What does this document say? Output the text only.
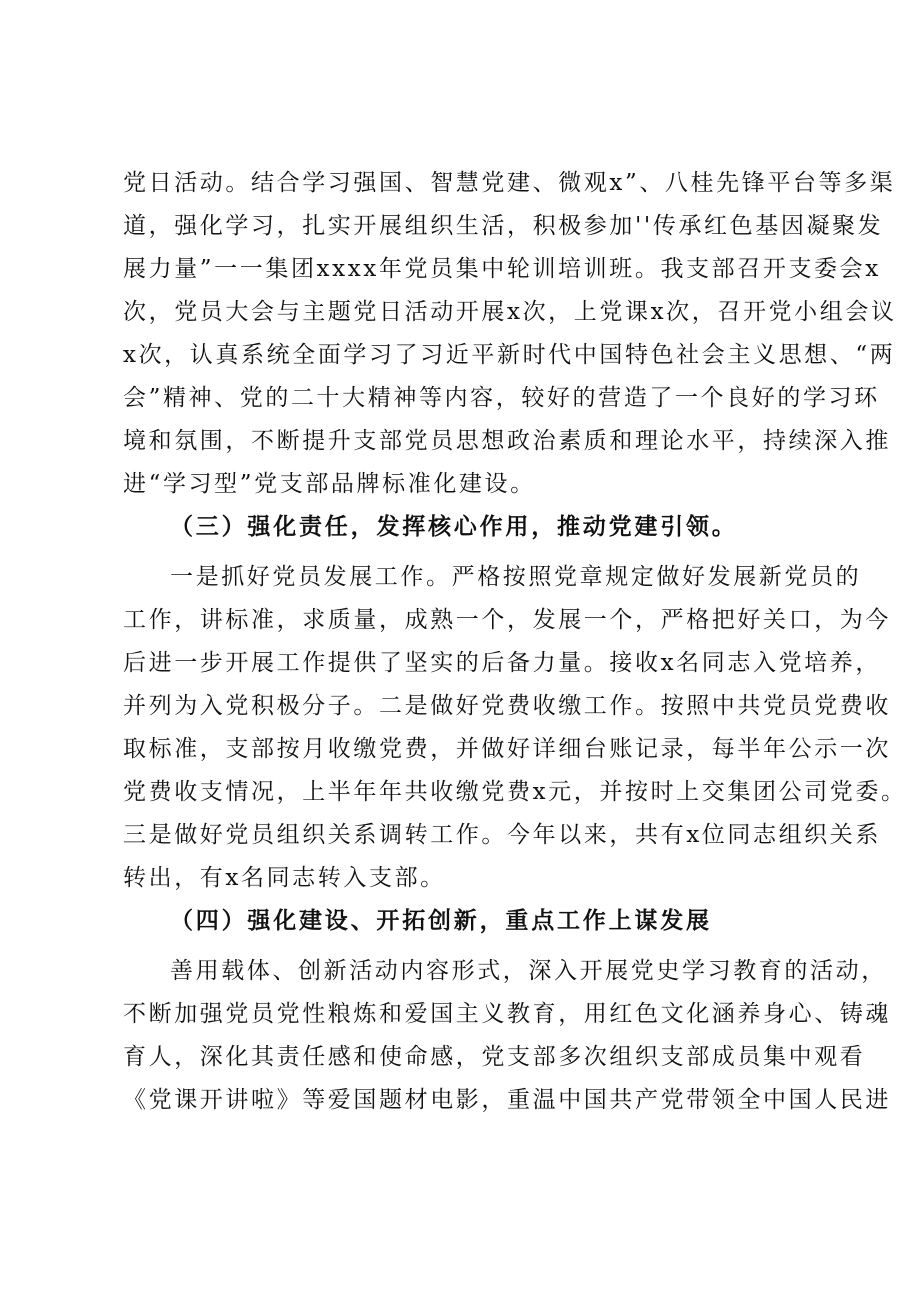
党日活动。结合学习强国、智慧党建、微观x”、八桂先锋平台等多渠
道，强化学习，扎实开展组织生活，积极参加''传承红色基因凝聚发
展力量”一一集团xxxx年党员集中轮训培训班。我支部召开支委会x
次，党员大会与主题党日活动开展x次，上党课x次，召开党小组会议
x次，认真系统全面学习了习近平新时代中国特色社会主义思想、“两
会”精神、党的二十大精神等内容，较好的营造了一个良好的学习环
境和氛围，不断提升支部党员思想政治素质和理论水平，持续深入推
进“学习型”党支部品牌标准化建设。
（三）强化责任，发挥核心作用，推动党建引领。
一是抓好党员发展工作。严格按照党章规定做好发展新党员的
工作，讲标准，求质量，成熟一个，发展一个，严格把好关口，为今
后进一步开展工作提供了坚实的后备力量。接收x名同志入党培养，
并列为入党积极分子。二是做好党费收缴工作。按照中共党员党费收
取标准，支部按月收缴党费，并做好详细台账记录，每半年公示一次
党费收支情况，上半年年共收缴党费x元，并按时上交集团公司党委。
三是做好党员组织关系调转工作。今年以来，共有x位同志组织关系
转出，有x名同志转入支部。
（四）强化建设、开拓创新，重点工作上谋发展
善用载体、创新活动内容形式，深入开展党史学习教育的活动，
不断加强党员党性粮炼和爱国主义教育，用红色文化涵养身心、铸魂
育人，深化其责任感和使命感，党支部多次组织支部成员集中观看
《党课开讲啦》等爱国题材电影，重温中国共产党带领全中国人民进
